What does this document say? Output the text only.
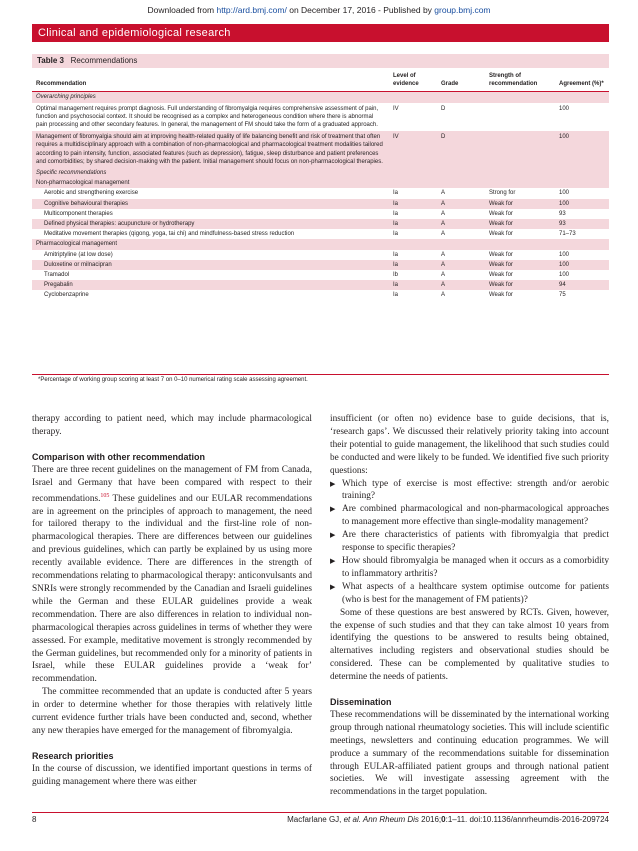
Downloaded from http://ard.bmj.com/ on December 17, 2016 - Published by group.bmj.com
Clinical and epidemiological research
Table 3 Recommendations
Recommendation	Level of evidence	Grade	Strength of recommendation	Agreement (%)*
Overarching principles				
Optimal management requires prompt diagnosis. Full understanding of fibromyalgia requires comprehensive assessment of pain, function and psychosocial context. It should be recognised as a complex and heterogeneous condition where there is abnormal pain processing and other secondary features. In general, the management of FM should take the form of a graduated approach.	IV	D		100
Management of fibromyalgia should aim at improving health-related quality of life balancing benefit and risk of treatment that often requires a multidisciplinary approach with a combination of non-pharmacological and pharmacological treatment modalities tailored according to pain intensity, function, associated features (such as depression), fatigue, sleep disturbance and patient preferences and comorbidities; by shared decision-making with the patient. Initial management should focus on non-pharmacological therapies.	IV	D		100
Specific recommendations				
Non-pharmacological management				
Aerobic and strengthening exercise	Ia	A	Strong for	100
Cognitive behavioural therapies	Ia	A	Weak for	100
Multicomponent therapies	Ia	A	Weak for	93
Defined physical therapies: acupuncture or hydrotherapy	Ia	A	Weak for	93
Meditative movement therapies (qigong, yoga, tai chi) and mindfulness-based stress reduction	Ia	A	Weak for	71–73
Pharmacological management				
Amitriptyline (at low dose)	Ia	A	Weak for	100
Duloxetine or milnacipran	Ia	A	Weak for	100
Tramadol	Ib	A	Weak for	100
Pregabalin	Ia	A	Weak for	94
Cyclobenzaprine	Ia	A	Weak for	75
*Percentage of working group scoring at least 7 on 0–10 numerical rating scale assessing agreement.

therapy according to patient need, which may include pharmacological therapy.

Comparison with other recommendation

There are three recent guidelines on the management of FM from Canada, Israel and Germany that have been compared with respect to their recommendations.$^{105}$ These guidelines and our EULAR recommendations are in agreement on the principles of approach to management, the need for tailored therapy to the individual and the first-line role of non-pharmacological therapies. There are differences between our guidelines and previous guidelines, which can partly be explained by us using more recently available evidence. There are differences in the strength of recommendations relating to pharmacological therapy: anticonvulsants and SNRIs were strongly recommended by the Canadian and Israeli guidelines while the German and these EULAR guidelines provide a weak recommendation. There are also differences in relation to individual non-pharmacological therapies across guidelines in terms of whether they were assessed. For example, meditative movement is strongly recommended by the German guidelines, but recommended only for a minority of patients in Israel, while these EULAR guidelines provide a ‘weak for’ recommendation.

The committee recommended that an update is conducted after 5 years in order to determine whether for those therapies with relatively little current evidence further trials have been conducted and, second, whether any new therapies have emerged for the management of fibromyalgia.

Research priorities

In the course of discussion, we identified important questions in terms of guiding management where there was either

insufficient (or often no) evidence base to guide decisions, that is, ‘research gaps’. We discussed their relatively priority taking into account their potential to guide management, the likelihood that such studies could be conducted and were likely to be funded. We identified five such priority questions:

▶ Which type of exercise is most effective: strength and/or aerobic training?
▶ Are combined pharmacological and non-pharmacological approaches to management more effective than single-modality management?
▶ Are there characteristics of patients with fibromyalgia that predict response to specific therapies?
▶ How should fibromyalgia be managed when it occurs as a comorbidity to inflammatory arthritis?
▶ What aspects of a healthcare system optimise outcome for patients (who is best for the management of FM patients)?

Some of these questions are best answered by RCTs. Given, however, the expense of such studies and that they can take almost 10 years from identifying the questions to be answered to results being obtained, alternatives including registers and observational studies should be considered. These can be complemented by qualitative studies to determine the needs of patients.

Dissemination

These recommendations will be disseminated by the international working group through national rheumatology societies. This will include scientific meetings, newsletters and continuing education programmes. We will produce a summary of the recommendations suitable for dissemination through EULAR-affiliated patient groups and through national patient societies. We will investigate assessing agreement with the recommendations in the target population.

8	Macfarlane GJ, et al. Ann Rheum Dis 2016;0:1–11. doi:10.1136/annrheumdis-2016-209724
